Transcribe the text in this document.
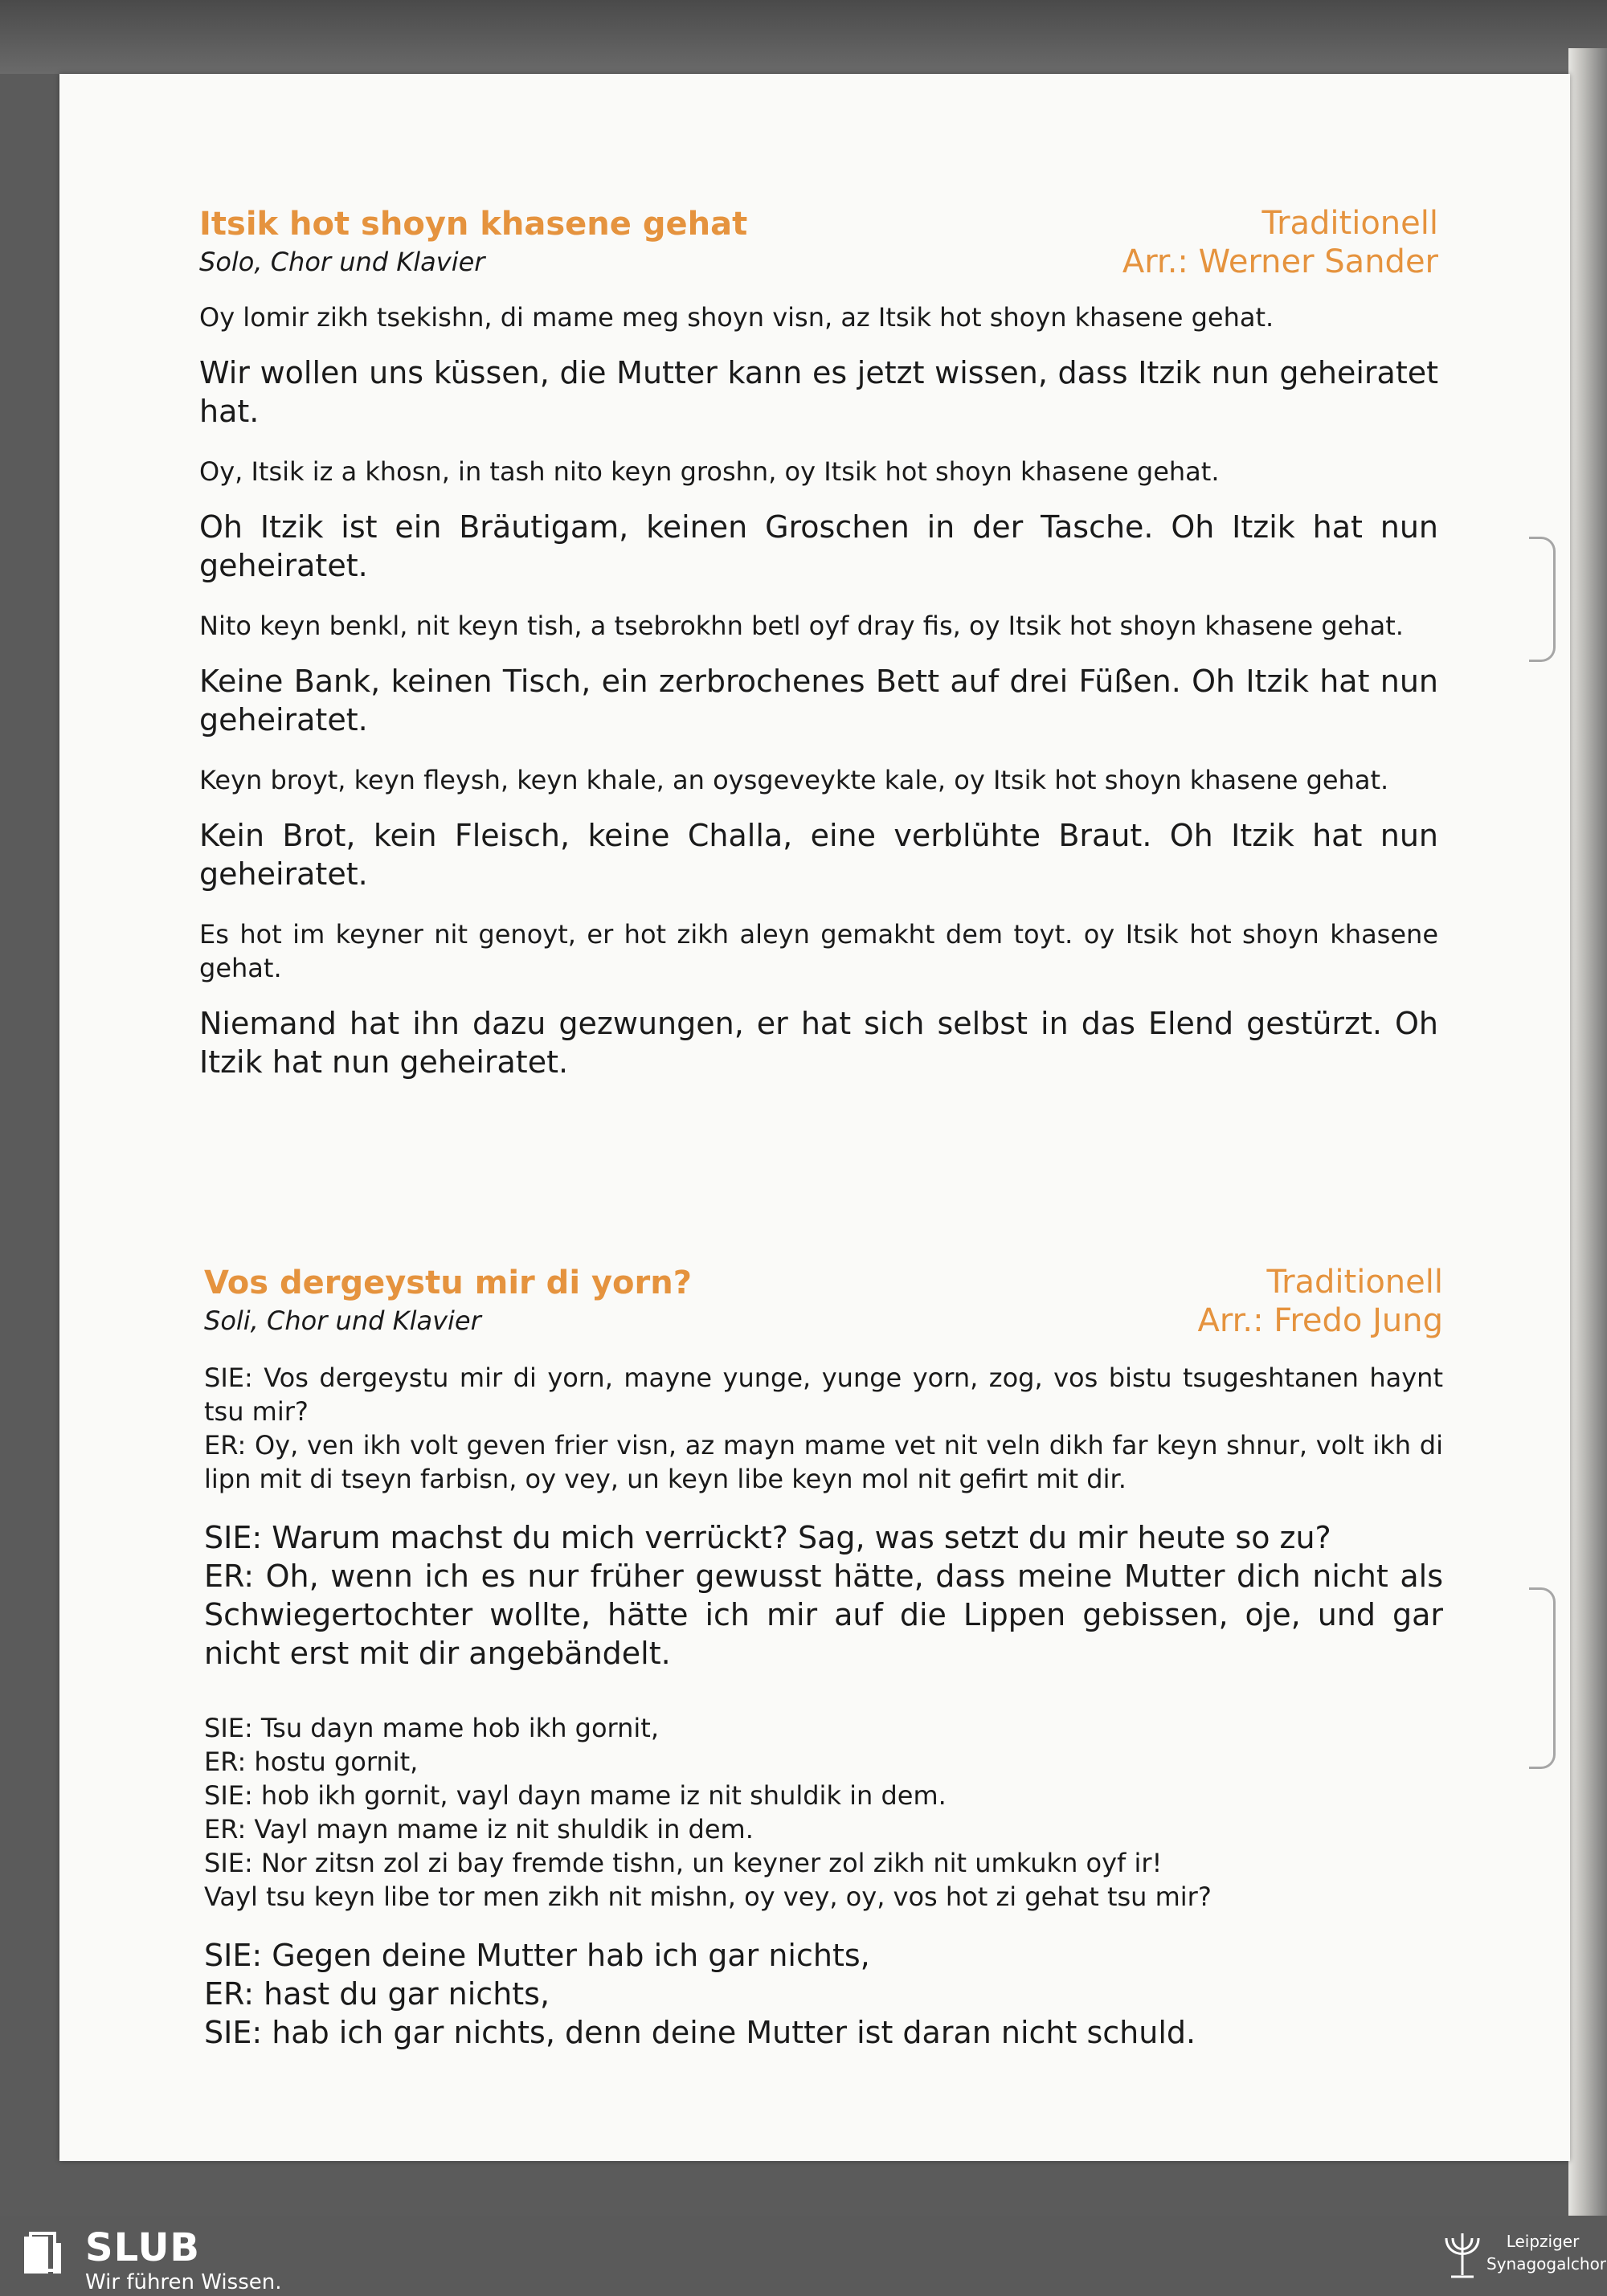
Itsik hot shoyn khasene gehat
Solo, Chor und Klavier
Traditionell
Arr.: Werner Sander

Oy lomir zikh tsekishn, di mame meg shoyn visn, az Itsik hot shoyn khasene gehat.

Wir wollen uns küssen, die Mutter kann es jetzt wissen, dass Itzik nun geheiratet hat.

Oy, Itsik iz a khosn, in tash nito keyn groshn, oy Itsik hot shoyn khasene gehat.

Oh Itzik ist ein Bräutigam, keinen Groschen in der Tasche. Oh Itzik hat nun geheiratet.

Nito keyn benkl, nit keyn tish, a tsebrokhn betl oyf dray fis, oy Itsik hot shoyn khasene gehat.

Keine Bank, keinen Tisch, ein zerbrochenes Bett auf drei Füßen. Oh Itzik hat nun geheiratet.

Keyn broyt, keyn fleysh, keyn khale, an oysgeveykte kale, oy Itsik hot shoyn khasene gehat.

Kein Brot, kein Fleisch, keine Challa, eine verblühte Braut. Oh Itzik hat nun geheiratet.

Es hot im keyner nit genoyt, er hot zikh aleyn gemakht dem toyt. oy Itsik hot shoyn khasene gehat.

Niemand hat ihn dazu gezwungen, er hat sich selbst in das Elend gestürzt. Oh Itzik hat nun geheiratet.

Vos dergeystu mir di yorn?
Soli, Chor und Klavier
Traditionell
Arr.: Fredo Jung

SIE: Vos dergeystu mir di yorn, mayne yunge, yunge yorn, zog, vos bistu tsugeshtanen haynt tsu mir?

ER: Oy, ven ikh volt geven frier visn, az mayn mame vet nit veln dikh far keyn shnur, volt ikh di lipn mit di tseyn farbisn, oy vey, un keyn libe keyn mol nit gefirt mit dir.

SIE: Warum machst du mich verrückt? Sag, was setzt du mir heute so zu?

ER: Oh, wenn ich es nur früher gewusst hätte, dass meine Mutter dich nicht als Schwiegertochter wollte, hätte ich mir auf die Lippen gebissen, oje, und gar nicht erst mit dir angebändelt.

SIE: Tsu dayn mame hob ikh gornit,

ER: hostu gornit,

SIE: hob ikh gornit, vayl dayn mame iz nit shuldik in dem.

ER: Vayl mayn mame iz nit shuldik in dem.

SIE: Nor zitsn zol zi bay fremde tishn, un keyner zol zikh nit umkukn oyf ir!

Vayl tsu keyn libe tor men zikh nit mishn, oy vey, oy, vos hot zi gehat tsu mir?

SIE: Gegen deine Mutter hab ich gar nichts,

ER: hast du gar nichts,

SIE: hab ich gar nichts, denn deine Mutter ist daran nicht schuld.

SLUB
Wir führen Wissen.
Leipziger
Synagogalchor
